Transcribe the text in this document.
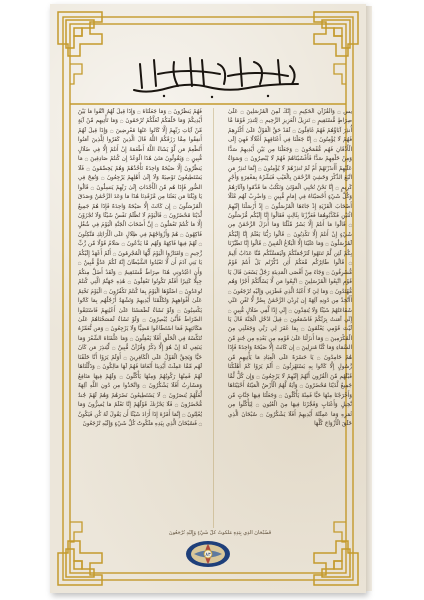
يس ۝ وَالْقُرْآنِ الْحَكِيمِ ۝ إِنَّكَ لَمِنَ الْمُرْسَلِينَ ۝ عَلَىٰ صِرَاطٍ مُّسْتَقِيمٍ ۝ تَنزِيلَ الْعَزِيزِ الرَّحِيمِ ۝ لِتُنذِرَ قَوْمًا مَّا أُنذِرَ آبَاؤُهُمْ فَهُمْ غَافِلُونَ ۝ لَقَدْ حَقَّ الْقَوْلُ عَلَىٰ أَكْثَرِهِمْ فَهُمْ لَا يُؤْمِنُونَ ۝ إِنَّا جَعَلْنَا فِي أَعْنَاقِهِمْ أَغْلَالًا فَهِيَ إِلَى الْأَذْقَانِ فَهُم مُّقْمَحُونَ ۝ وَجَعَلْنَا مِن بَيْنِ أَيْدِيهِمْ سَدًّا وَمِنْ خَلْفِهِمْ سَدًّا فَأَغْشَيْنَاهُمْ فَهُمْ لَا يُبْصِرُونَ ۝ وَسَوَاءٌ عَلَيْهِمْ أَأَنذَرْتَهُمْ أَمْ لَمْ تُنذِرْهُمْ لَا يُؤْمِنُونَ ۝ إِنَّمَا تُنذِرُ مَنِ اتَّبَعَ الذِّكْرَ وَخَشِيَ الرَّحْمَٰنَ بِالْغَيْبِ فَبَشِّرْهُ بِمَغْفِرَةٍ وَأَجْرٍ كَرِيمٍ ۝ إِنَّا نَحْنُ نُحْيِي الْمَوْتَىٰ وَنَكْتُبُ مَا قَدَّمُوا وَآثَارَهُمْ وَكُلَّ شَيْءٍ أَحْصَيْنَاهُ فِي إِمَامٍ مُّبِينٍ ۝ وَاضْرِبْ لَهُم مَّثَلًا أَصْحَابَ الْقَرْيَةِ إِذْ جَاءَهَا الْمُرْسَلُونَ ۝ إِذْ أَرْسَلْنَا إِلَيْهِمُ اثْنَيْنِ فَكَذَّبُوهُمَا فَعَزَّزْنَا بِثَالِثٍ فَقَالُوا إِنَّا إِلَيْكُم مُّرْسَلُونَ ۝ قَالُوا مَا أَنتُمْ إِلَّا بَشَرٌ مِّثْلُنَا وَمَا أَنزَلَ الرَّحْمَٰنُ مِن شَيْءٍ إِنْ أَنتُمْ إِلَّا تَكْذِبُونَ ۝ قَالُوا رَبُّنَا يَعْلَمُ إِنَّا إِلَيْكُمْ لَمُرْسَلُونَ ۝ وَمَا عَلَيْنَا إِلَّا الْبَلَاغُ الْمُبِينُ ۝ قَالُوا إِنَّا تَطَيَّرْنَا بِكُمْ لَئِن لَّمْ تَنتَهُوا لَنَرْجُمَنَّكُمْ وَلَيَمَسَّنَّكُم مِّنَّا عَذَابٌ أَلِيمٌ ۝ قَالُوا طَائِرُكُم مَّعَكُمْ أَئِن ذُكِّرْتُم بَلْ أَنتُمْ قَوْمٌ مُّسْرِفُونَ ۝ وَجَاءَ مِنْ أَقْصَى الْمَدِينَةِ رَجُلٌ يَسْعَىٰ قَالَ يَا قَوْمِ اتَّبِعُوا الْمُرْسَلِينَ ۝ اتَّبِعُوا مَن لَّا يَسْأَلُكُمْ أَجْرًا وَهُم مُّهْتَدُونَ ۝ وَمَا لِيَ لَا أَعْبُدُ الَّذِي فَطَرَنِي وَإِلَيْهِ تُرْجَعُونَ ۝ أَأَتَّخِذُ مِن دُونِهِ آلِهَةً إِن يُرِدْنِ الرَّحْمَٰنُ بِضُرٍّ لَّا تُغْنِ عَنِّي شَفَاعَتُهُمْ شَيْئًا وَلَا يُنقِذُونِ ۝ إِنِّي إِذًا لَّفِي ضَلَالٍ مُّبِينٍ ۝ إِنِّي آمَنتُ بِرَبِّكُمْ فَاسْمَعُونِ ۝ قِيلَ ادْخُلِ الْجَنَّةَ قَالَ يَا لَيْتَ قَوْمِي يَعْلَمُونَ ۝ بِمَا غَفَرَ لِي رَبِّي وَجَعَلَنِي مِنَ الْمُكْرَمِينَ ۝ وَمَا أَنزَلْنَا عَلَىٰ قَوْمِهِ مِن بَعْدِهِ مِن جُندٍ مِّنَ السَّمَاءِ وَمَا كُنَّا مُنزِلِينَ ۝ إِن كَانَتْ إِلَّا صَيْحَةً وَاحِدَةً فَإِذَا هُمْ خَامِدُونَ ۝ يَا حَسْرَةً عَلَى الْعِبَادِ مَا يَأْتِيهِم مِّن رَّسُولٍ إِلَّا كَانُوا بِهِ يَسْتَهْزِئُونَ ۝ أَلَمْ يَرَوْا كَمْ أَهْلَكْنَا قَبْلَهُم مِّنَ الْقُرُونِ أَنَّهُمْ إِلَيْهِمْ لَا يَرْجِعُونَ ۝ وَإِن كُلٌّ لَّمَّا جَمِيعٌ لَّدَيْنَا مُحْضَرُونَ ۝ وَآيَةٌ لَّهُمُ الْأَرْضُ الْمَيْتَةُ أَحْيَيْنَاهَا وَأَخْرَجْنَا مِنْهَا حَبًّا فَمِنْهُ يَأْكُلُونَ ۝ وَجَعَلْنَا فِيهَا جَنَّاتٍ مِّن نَّخِيلٍ وَأَعْنَابٍ وَفَجَّرْنَا فِيهَا مِنَ الْعُيُونِ ۝ لِيَأْكُلُوا مِن ثَمَرِهِ وَمَا عَمِلَتْهُ أَيْدِيهِمْ أَفَلَا يَشْكُرُونَ ۝ سُبْحَانَ الَّذِي خَلَقَ الْأَزْوَاجَ كُلَّهَا
فَهُمْ يَنظُرُونَ ۝ وَمَا جَعَلْنَاهُ ۝ وَإِذَا قِيلَ لَهُمُ اتَّقُوا مَا بَيْنَ أَيْدِيكُمْ وَمَا خَلْفَكُمْ لَعَلَّكُمْ تُرْحَمُونَ ۝ وَمَا تَأْتِيهِم مِّنْ آيَةٍ مِّنْ آيَاتِ رَبِّهِمْ إِلَّا كَانُوا عَنْهَا مُعْرِضِينَ ۝ وَإِذَا قِيلَ لَهُمْ أَنفِقُوا مِمَّا رَزَقَكُمُ اللَّهُ قَالَ الَّذِينَ كَفَرُوا لِلَّذِينَ آمَنُوا أَنُطْعِمُ مَن لَّوْ يَشَاءُ اللَّهُ أَطْعَمَهُ إِنْ أَنتُمْ إِلَّا فِي ضَلَالٍ مُّبِينٍ ۝ وَيَقُولُونَ مَتَىٰ هَٰذَا الْوَعْدُ إِن كُنتُمْ صَادِقِينَ ۝ مَا يَنظُرُونَ إِلَّا صَيْحَةً وَاحِدَةً تَأْخُذُهُمْ وَهُمْ يَخِصِّمُونَ ۝ فَلَا يَسْتَطِيعُونَ تَوْصِيَةً وَلَا إِلَىٰ أَهْلِهِمْ يَرْجِعُونَ ۝ وَنُفِخَ فِي الصُّورِ فَإِذَا هُم مِّنَ الْأَجْدَاثِ إِلَىٰ رَبِّهِمْ يَنسِلُونَ ۝ قَالُوا يَا وَيْلَنَا مَن بَعَثَنَا مِن مَّرْقَدِنَا هَٰذَا مَا وَعَدَ الرَّحْمَٰنُ وَصَدَقَ الْمُرْسَلُونَ ۝ إِن كَانَتْ إِلَّا صَيْحَةً وَاحِدَةً فَإِذَا هُمْ جَمِيعٌ لَّدَيْنَا مُحْضَرُونَ ۝ فَالْيَوْمَ لَا تُظْلَمُ نَفْسٌ شَيْئًا وَلَا تُجْزَوْنَ إِلَّا مَا كُنتُمْ تَعْمَلُونَ ۝ إِنَّ أَصْحَابَ الْجَنَّةِ الْيَوْمَ فِي شُغُلٍ فَاكِهُونَ ۝ هُمْ وَأَزْوَاجُهُمْ فِي ظِلَالٍ عَلَى الْأَرَائِكِ مُتَّكِئُونَ ۝ لَهُمْ فِيهَا فَاكِهَةٌ وَلَهُم مَّا يَدَّعُونَ ۝ سَلَامٌ قَوْلًا مِّن رَّبٍّ رَّحِيمٍ ۝ وَامْتَازُوا الْيَوْمَ أَيُّهَا الْمُجْرِمُونَ ۝ أَلَمْ أَعْهَدْ إِلَيْكُمْ يَا بَنِي آدَمَ أَن لَّا تَعْبُدُوا الشَّيْطَانَ إِنَّهُ لَكُمْ عَدُوٌّ مُّبِينٌ ۝ وَأَنِ اعْبُدُونِي هَٰذَا صِرَاطٌ مُّسْتَقِيمٌ ۝ وَلَقَدْ أَضَلَّ مِنكُمْ جِبِلًّا كَثِيرًا أَفَلَمْ تَكُونُوا تَعْقِلُونَ ۝ هَٰذِهِ جَهَنَّمُ الَّتِي كُنتُمْ تُوعَدُونَ ۝ اصْلَوْهَا الْيَوْمَ بِمَا كُنتُمْ تَكْفُرُونَ ۝ الْيَوْمَ نَخْتِمُ عَلَىٰ أَفْوَاهِهِمْ وَتُكَلِّمُنَا أَيْدِيهِمْ وَتَشْهَدُ أَرْجُلُهُم بِمَا كَانُوا يَكْسِبُونَ ۝ وَلَوْ نَشَاءُ لَطَمَسْنَا عَلَىٰ أَعْيُنِهِمْ فَاسْتَبَقُوا الصِّرَاطَ فَأَنَّىٰ يُبْصِرُونَ ۝ وَلَوْ نَشَاءُ لَمَسَخْنَاهُمْ عَلَىٰ مَكَانَتِهِمْ فَمَا اسْتَطَاعُوا مُضِيًّا وَلَا يَرْجِعُونَ ۝ وَمَن نُّعَمِّرْهُ نُنَكِّسْهُ فِي الْخَلْقِ أَفَلَا يَعْقِلُونَ ۝ وَمَا عَلَّمْنَاهُ الشِّعْرَ وَمَا يَنبَغِي لَهُ إِنْ هُوَ إِلَّا ذِكْرٌ وَقُرْآنٌ مُّبِينٌ ۝ لِّيُنذِرَ مَن كَانَ حَيًّا وَيَحِقَّ الْقَوْلُ عَلَى الْكَافِرِينَ ۝ أَوَلَمْ يَرَوْا أَنَّا خَلَقْنَا لَهُم مِّمَّا عَمِلَتْ أَيْدِينَا أَنْعَامًا فَهُمْ لَهَا مَالِكُونَ ۝ وَذَلَّلْنَاهَا لَهُمْ فَمِنْهَا رَكُوبُهُمْ وَمِنْهَا يَأْكُلُونَ ۝ وَلَهُمْ فِيهَا مَنَافِعُ وَمَشَارِبُ أَفَلَا يَشْكُرُونَ ۝ وَاتَّخَذُوا مِن دُونِ اللَّهِ آلِهَةً لَّعَلَّهُمْ يُنصَرُونَ ۝ لَا يَسْتَطِيعُونَ نَصْرَهُمْ وَهُمْ لَهُمْ جُندٌ مُّحْضَرُونَ ۝ فَلَا يَحْزُنكَ قَوْلُهُمْ إِنَّا نَعْلَمُ مَا يُسِرُّونَ وَمَا يُعْلِنُونَ ۝ إِنَّمَا أَمْرُهُ إِذَا أَرَادَ شَيْئًا أَن يَقُولَ لَهُ كُن فَيَكُونُ ۝ فَسُبْحَانَ الَّذِي بِيَدِهِ مَلَكُوتُ كُلِّ شَيْءٍ وَإِلَيْهِ تُرْجَعُونَ
فَسُبْحَانَ الَّذِي بِيَدِهِ مَلَكُوتُ كُلِّ شَيْءٍ وَإِلَيْهِ تُرْجَعُونَ
٨٣
